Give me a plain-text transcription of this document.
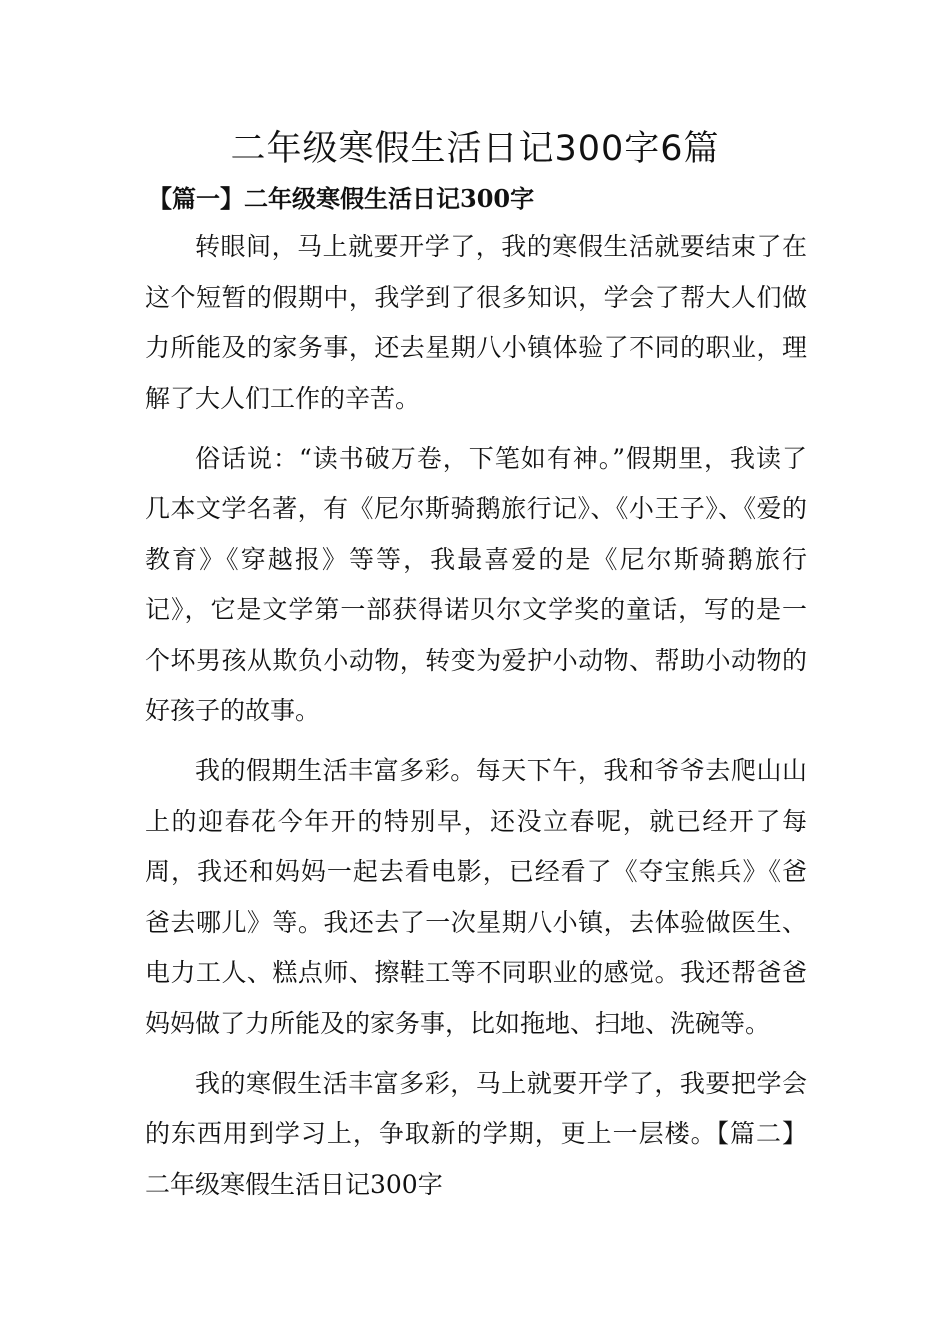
二年级寒假生活日记300字6篇
【篇一】二年级寒假生活日记300字

转眼间，马上就要开学了，我的寒假生活就要结束了在这个短暂的假期中，我学到了很多知识，学会了帮大人们做力所能及的家务事，还去星期八小镇体验了不同的职业，理解了大人们工作的辛苦。

俗话说：“读书破万卷，下笔如有神。”假期里，我读了几本文学名著，有《尼尔斯骑鹅旅行记》、《小王子》、《爱的教育》《穿越报》等等，我最喜爱的是《尼尔斯骑鹅旅行记》，它是文学第一部获得诺贝尔文学奖的童话，写的是一个坏男孩从欺负小动物，转变为爱护小动物、帮助小动物的好孩子的故事。

我的假期生活丰富多彩。每天下午，我和爷爷去爬山山上的迎春花今年开的特别早，还没立春呢，就已经开了每周，我还和妈妈一起去看电影，已经看了《夺宝熊兵》《爸爸去哪儿》等。我还去了一次星期八小镇，去体验做医生、电力工人、糕点师、擦鞋工等不同职业的感觉。我还帮爸爸妈妈做了力所能及的家务事，比如拖地、扫地、洗碗等。

我的寒假生活丰富多彩，马上就要开学了，我要把学会的东西用到学习上，争取新的学期，更上一层楼。【篇二】二年级寒假生活日记300字
